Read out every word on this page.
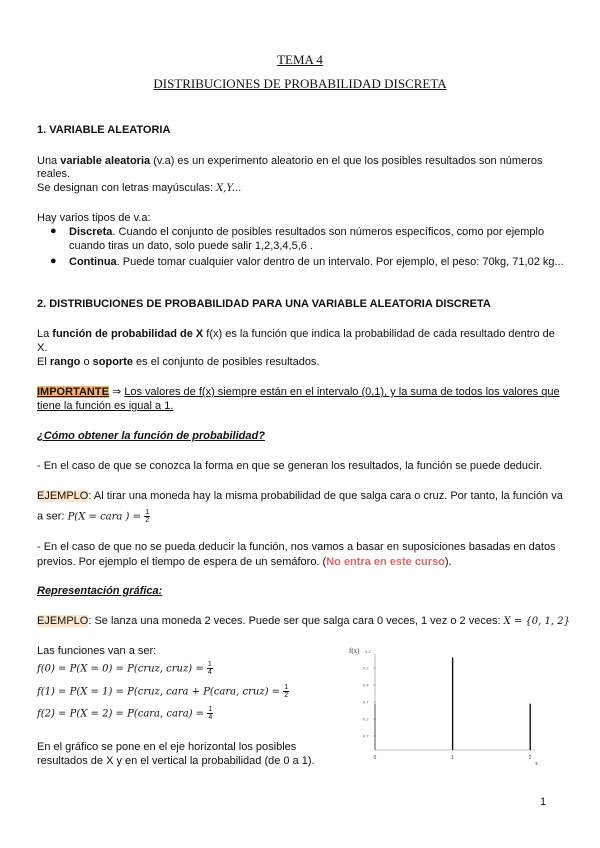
TEMA 4
DISTRIBUCIONES DE PROBABILIDAD DISCRETA
1. VARIABLE ALEATORIA
Una variable aleatoria (v.a) es un experimento aleatorio en el que los posibles resultados son números
reales.
Se designan con letras mayúsculas: X,Y...
Hay varios tipos de v.a:
● Discreta. Cuando el conjunto de posibles resultados son números específicos, como por ejemplo
cuando tiras un dato, solo puede salir 1,2,3,4,5,6 .
● Continua. Puede tomar cualquier valor dentro de un intervalo. Por ejemplo, el peso: 70kg, 71,02 kg...
2. DISTRIBUCIONES DE PROBABILIDAD PARA UNA VARIABLE ALEATORIA DISCRETA
La función de probabilidad de X f(x) es la función que indica la probabilidad de cada resultado dentro de
X.
El rango o soporte es el conjunto de posibles resultados.
IMPORTANTE ⇒ Los valores de f(x) siempre están en el intervalo (0,1), y la suma de todos los valores que
tiene la función es igual a 1.
¿Cómo obtener la función de probabilidad?
- En el caso de que se conozca la forma en que se generan los resultados, la función se puede deducir.
EJEMPLO: Al tirar una moneda hay la misma probabilidad de que salga cara o cruz. Por tanto, la función va
a ser: P(X = cara ) = $\frac{1}{2}$
- En el caso de que no se pueda deducir la función, nos vamos a basar en suposiciones basadas en datos
previos. Por ejemplo el tiempo de espera de un semáforo. (No entra en este curso).
Representación gráfica:
EJEMPLO: Se lanza una moneda 2 veces. Puede ser que salga cara 0 veces, 1 vez o 2 veces: X = {0, 1, 2}
Las funciones van a ser:
f(0) = P(X = 0) = P(cruz, cruz) = $\frac{1}{4}$
f(1) = P(X = 1) = P(cruz, cara + P(cara, cruz) = $\frac{1}{2}$
f(2) = P(X = 2) = P(cara, cara) = $\frac{1}{4}$
En el gráfico se pone en el eje horizontal los posibles
resultados de X y en el vertical la probabilidad (de 0 a 1).
f(x) 0.2
0.2
0.4
0.7
0.2
0.7
0	1	2
x
1
